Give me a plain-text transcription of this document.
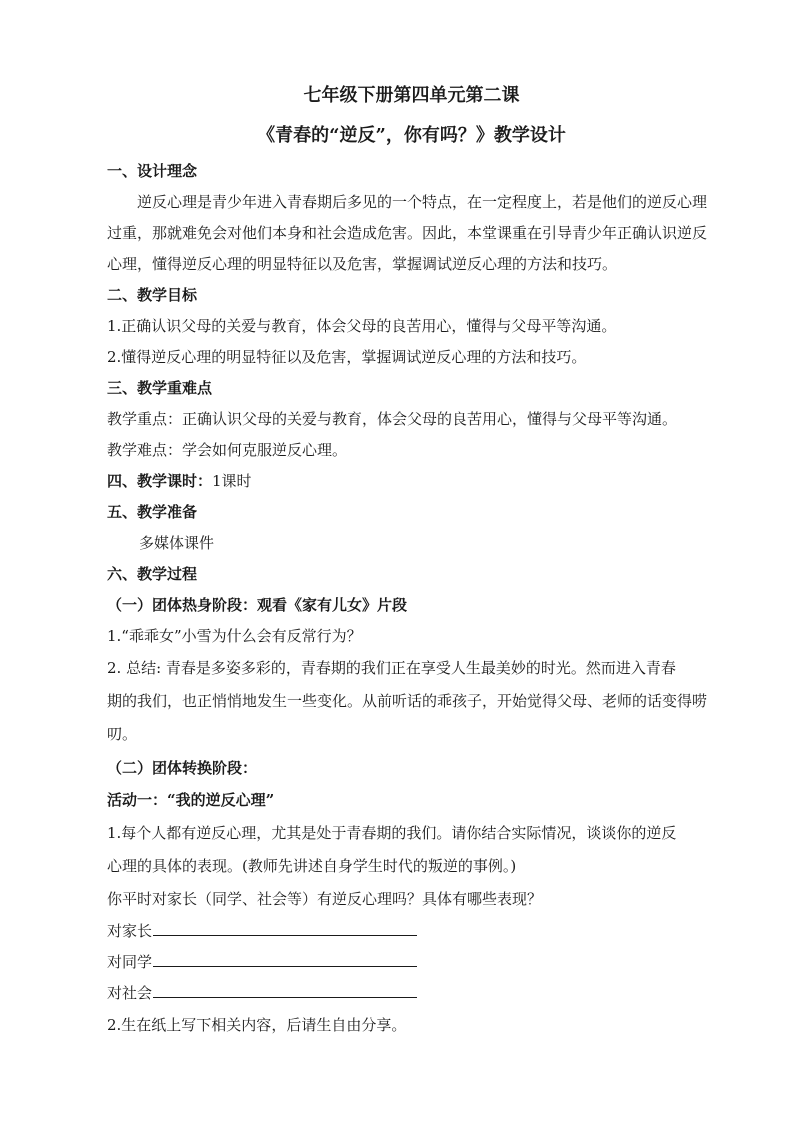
七年级下册第四单元第二课
《青春的“逆反”，你有吗？》教学设计
一、设计理念
逆反心理是青少年进入青春期后多见的一个特点，在一定程度上，若是他们的逆反心理
过重，那就难免会对他们本身和社会造成危害。因此，本堂课重在引导青少年正确认识逆反
心理，懂得逆反心理的明显特征以及危害，掌握调试逆反心理的方法和技巧。
二、教学目标
1.正确认识父母的关爱与教育，体会父母的良苦用心，懂得与父母平等沟通。
2.懂得逆反心理的明显特征以及危害，掌握调试逆反心理的方法和技巧。
三、教学重难点
教学重点：正确认识父母的关爱与教育，体会父母的良苦用心，懂得与父母平等沟通。
教学难点：学会如何克服逆反心理。
四、教学课时：1课时
五、教学准备
多媒体课件
六、教学过程
（一）团体热身阶段：观看《家有儿女》片段
1.“乖乖女”小雪为什么会有反常行为？
2. 总结: 青春是多姿多彩的，青春期的我们正在享受人生最美妙的时光。然而进入青春
期的我们，也正悄悄地发生一些变化。从前听话的乖孩子，开始觉得父母、老师的话变得唠
叨。
（二）团体转换阶段：
活动一：“我的逆反心理”
1.每个人都有逆反心理，尤其是处于青春期的我们。请你结合实际情况，谈谈你的逆反
心理的具体的表现。(教师先讲述自身学生时代的叛逆的事例。)
你平时对家长（同学、社会等）有逆反心理吗？具体有哪些表现？
对家长
对同学
对社会
2.生在纸上写下相关内容，后请生自由分享。
